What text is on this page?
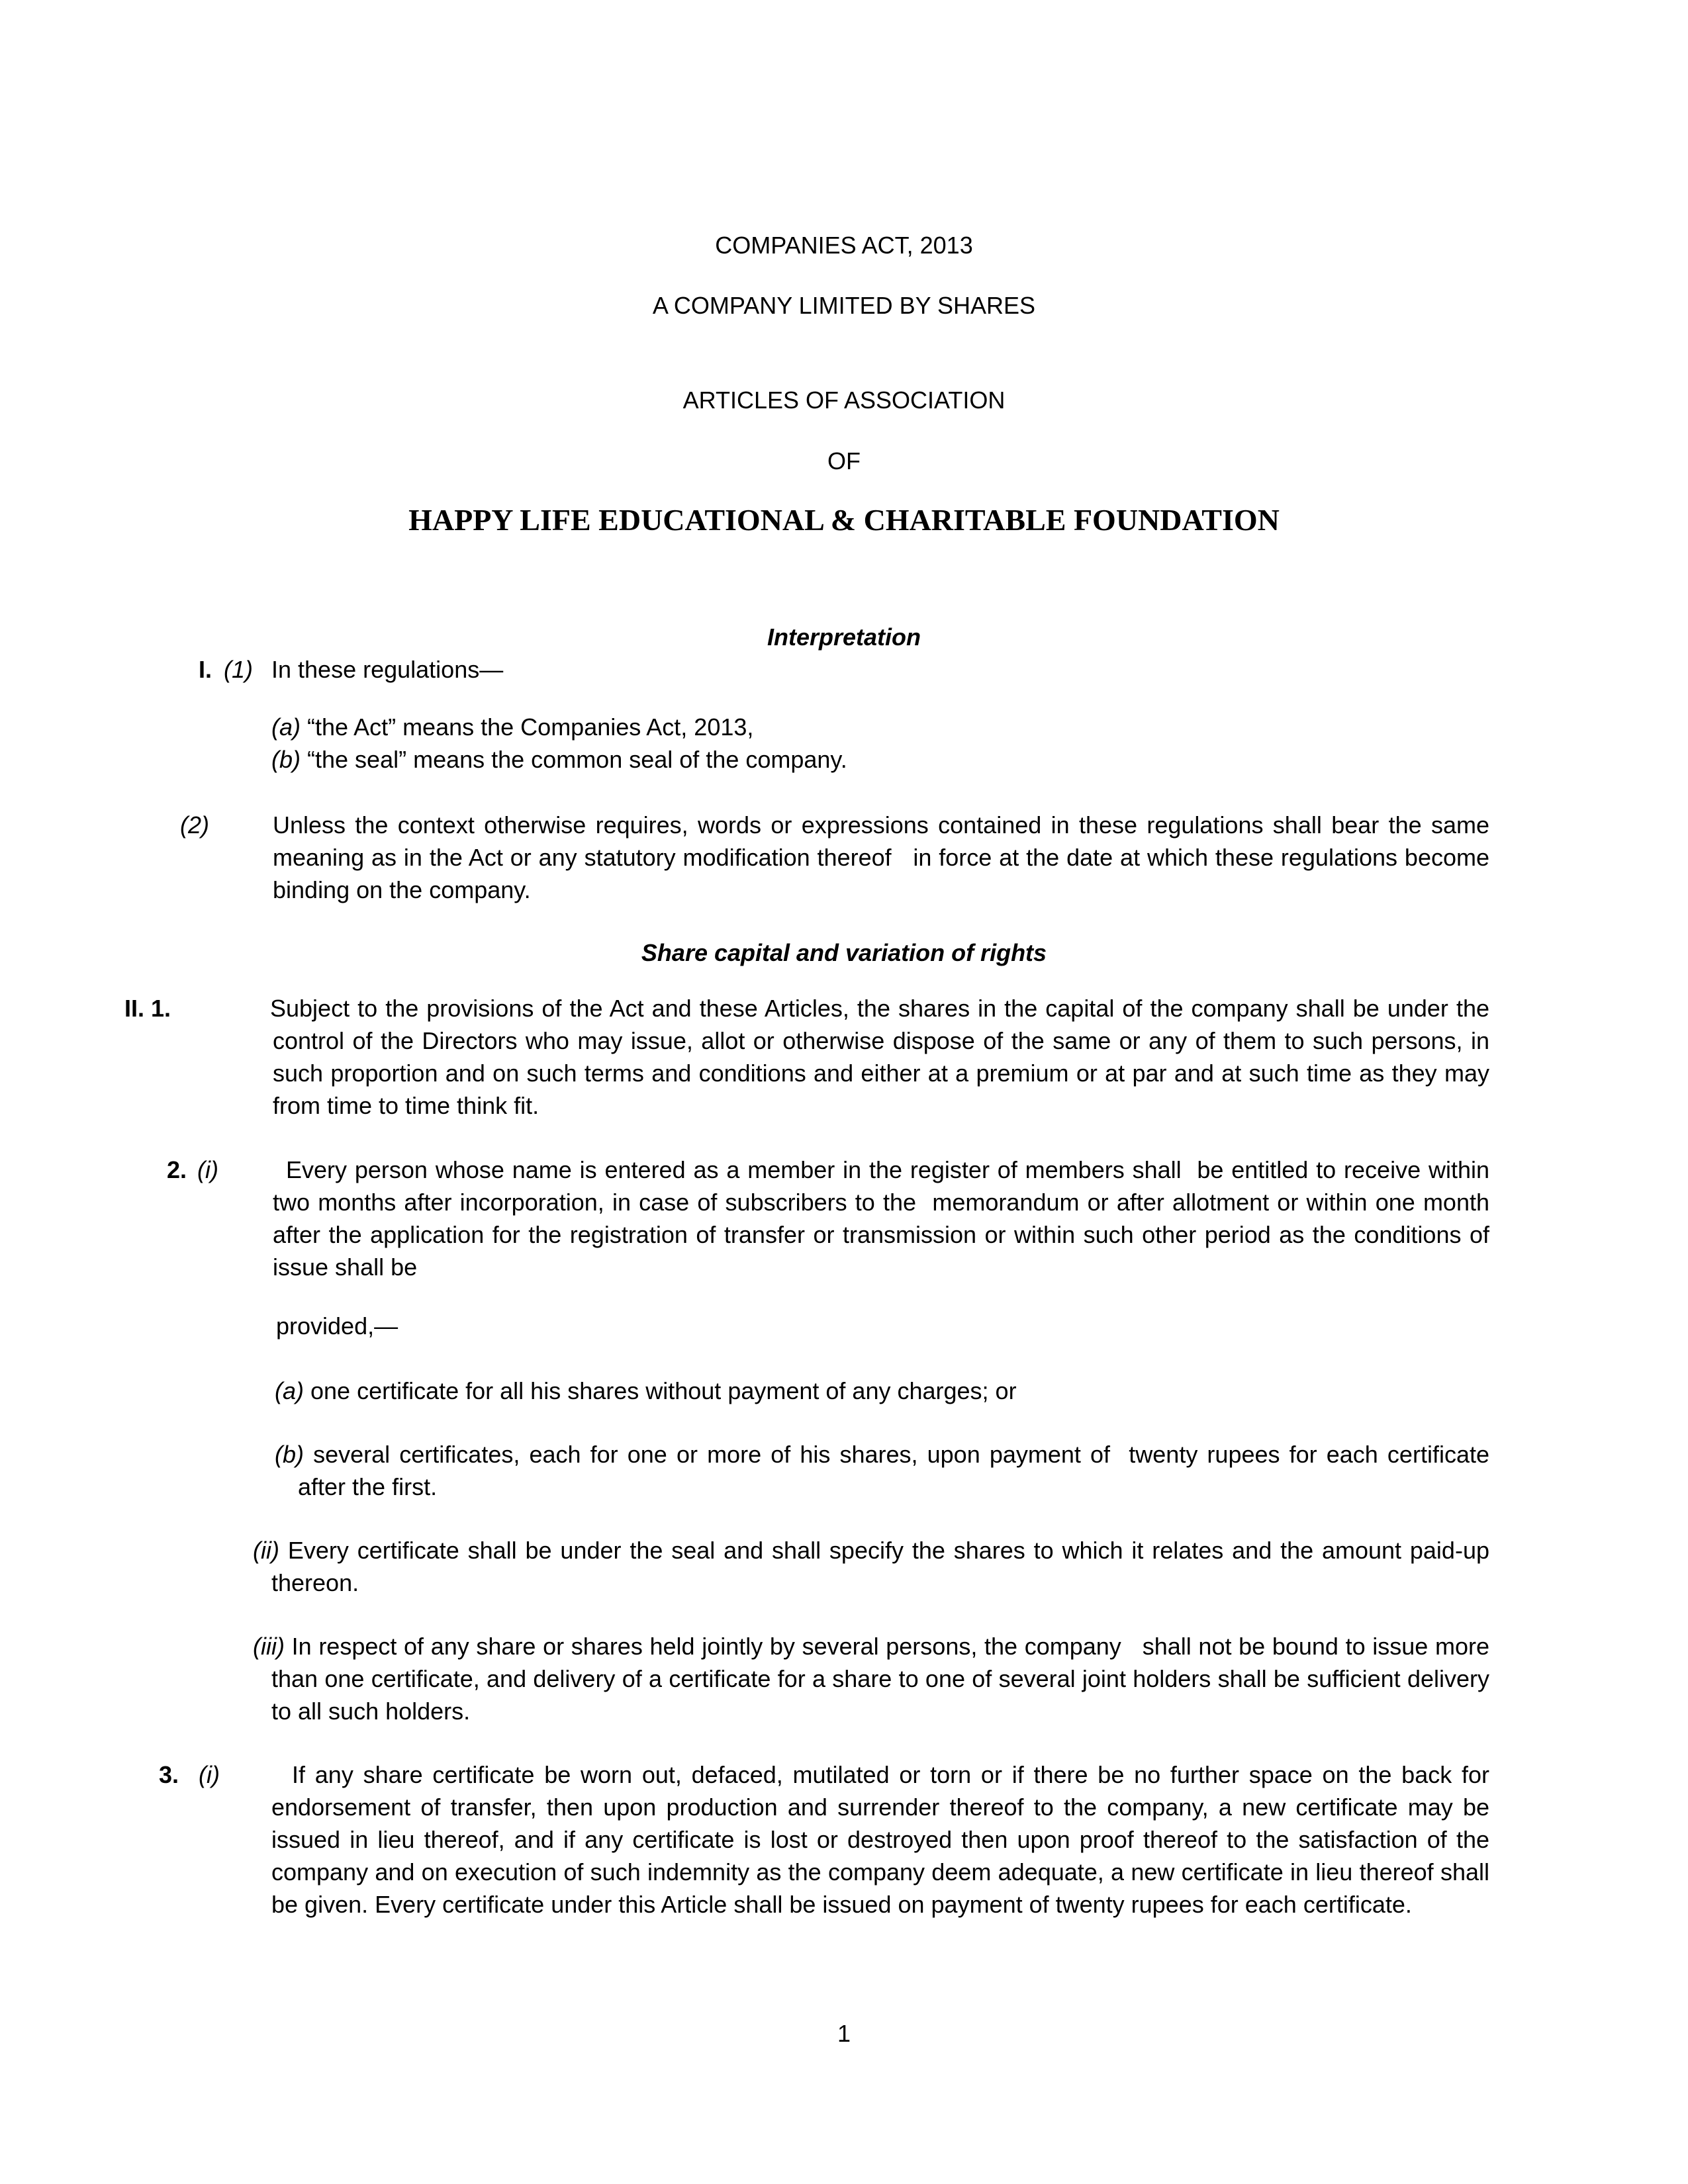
COMPANIES ACT, 2013

A COMPANY LIMITED BY SHARES

ARTICLES OF ASSOCIATION

OF

HAPPY LIFE EDUCATIONAL & CHARITABLE FOUNDATION

Interpretation

I. (1) In these regulations—

(a) “the Act” means the Companies Act, 2013,

(b) “the seal” means the common seal of the company.

(2)	Unless the context otherwise requires, words or expressions contained in these regulations shall bear the same meaning as in the Act or any statutory modification thereof   in force at the date at which these regulations become binding on the company.

Share capital and variation of rights

II. 1.	Subject to the provisions of the Act and these Articles, the shares in the capital of the company shall be under the control of the Directors who may issue, allot or otherwise dispose of the same or any of them to such persons, in such proportion and on such terms and conditions and either at a premium or at par and at such time as they may from time to time think fit.

2. (i)	Every person whose name is entered as a member in the register of members shall  be entitled to receive within two months after incorporation, in case of subscribers to the  memorandum or after allotment or within one month after the application for the registration of transfer or transmission or within such other period as the conditions of issue shall be

provided,—

(a) one certificate for all his shares without payment of any charges; or

(b) several certificates, each for one or more of his shares, upon payment of  twenty rupees for each certificate after the first.

(ii) Every certificate shall be under the seal and shall specify the shares to which it relates and the amount paid-up thereon.

(iii) In respect of any share or shares held jointly by several persons, the company   shall not be bound to issue more than one certificate, and delivery of a certificate for a share to one of several joint holders shall be sufficient delivery to all such holders.

3. (i)	If any share certificate be worn out, defaced, mutilated or torn or if there be no further space on the back for endorsement of transfer, then upon production and surrender thereof to the company, a new certificate may be issued in lieu thereof, and if any certificate is lost or destroyed then upon proof thereof to the satisfaction of the company and on execution of such indemnity as the company deem adequate, a new certificate in lieu thereof shall be given. Every certificate under this Article shall be issued on payment of twenty rupees for each certificate.

1
